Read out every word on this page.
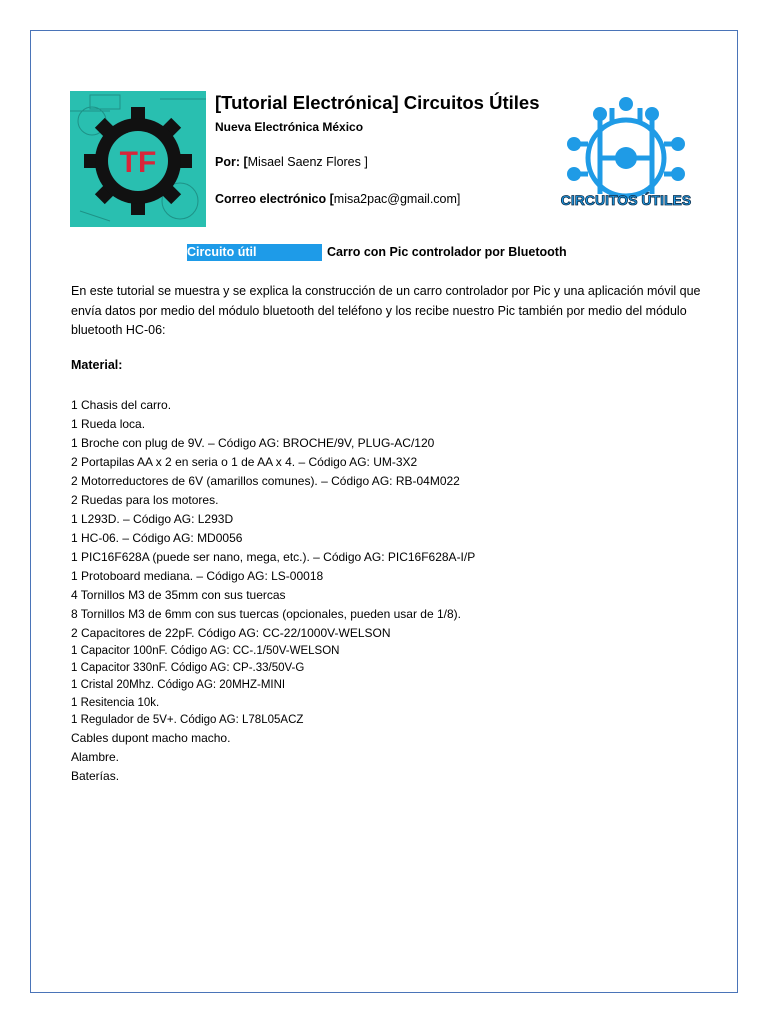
TF
[Tutorial Electrónica] Circuitos Útiles
Nueva Electrónica México
Por: [Misael Saenz Flores ]
Correo electrónico [misa2pac@gmail.com]	CIRCUITOS ÚTILES
Circuito útil	Carro con Pic controlador por Bluetooth

En este tutorial se muestra y se explica la construcción de un carro controlador por Pic y una aplicación móvil que envía datos por medio del módulo bluetooth del teléfono y los recibe nuestro Pic también por medio del módulo bluetooth HC-06:

Material:
1 Chasis del carro.
1 Rueda loca.
1 Broche con plug de 9V. – Código AG: BROCHE/9V, PLUG-AC/120
2 Portapilas AA x 2 en seria o 1 de AA x 4. – Código AG: UM-3X2
2 Motorreductores de 6V (amarillos comunes). – Código AG: RB-04M022
2 Ruedas para los motores.
1 L293D. – Código AG: L293D
1 HC-06. – Código AG: MD0056
1 PIC16F628A (puede ser nano, mega, etc.). – Código AG: PIC16F628A-I/P
1 Protoboard mediana. – Código AG: LS-00018
4 Tornillos M3 de 35mm con sus tuercas
8 Tornillos M3 de 6mm con sus tuercas (opcionales, pueden usar de 1/8).
2 Capacitores de 22pF. Código AG: CC-22/1000V-WELSON
1 Capacitor 100nF. Código AG: CC-.1/50V-WELSON
1 Capacitor 330nF. Código AG: CP-.33/50V-G
1 Cristal 20Mhz. Código AG: 20MHZ-MINI
1 Resitencia 10k.
1 Regulador de 5V+. Código AG: L78L05ACZ
Cables dupont macho macho.
Alambre.
Baterías.
